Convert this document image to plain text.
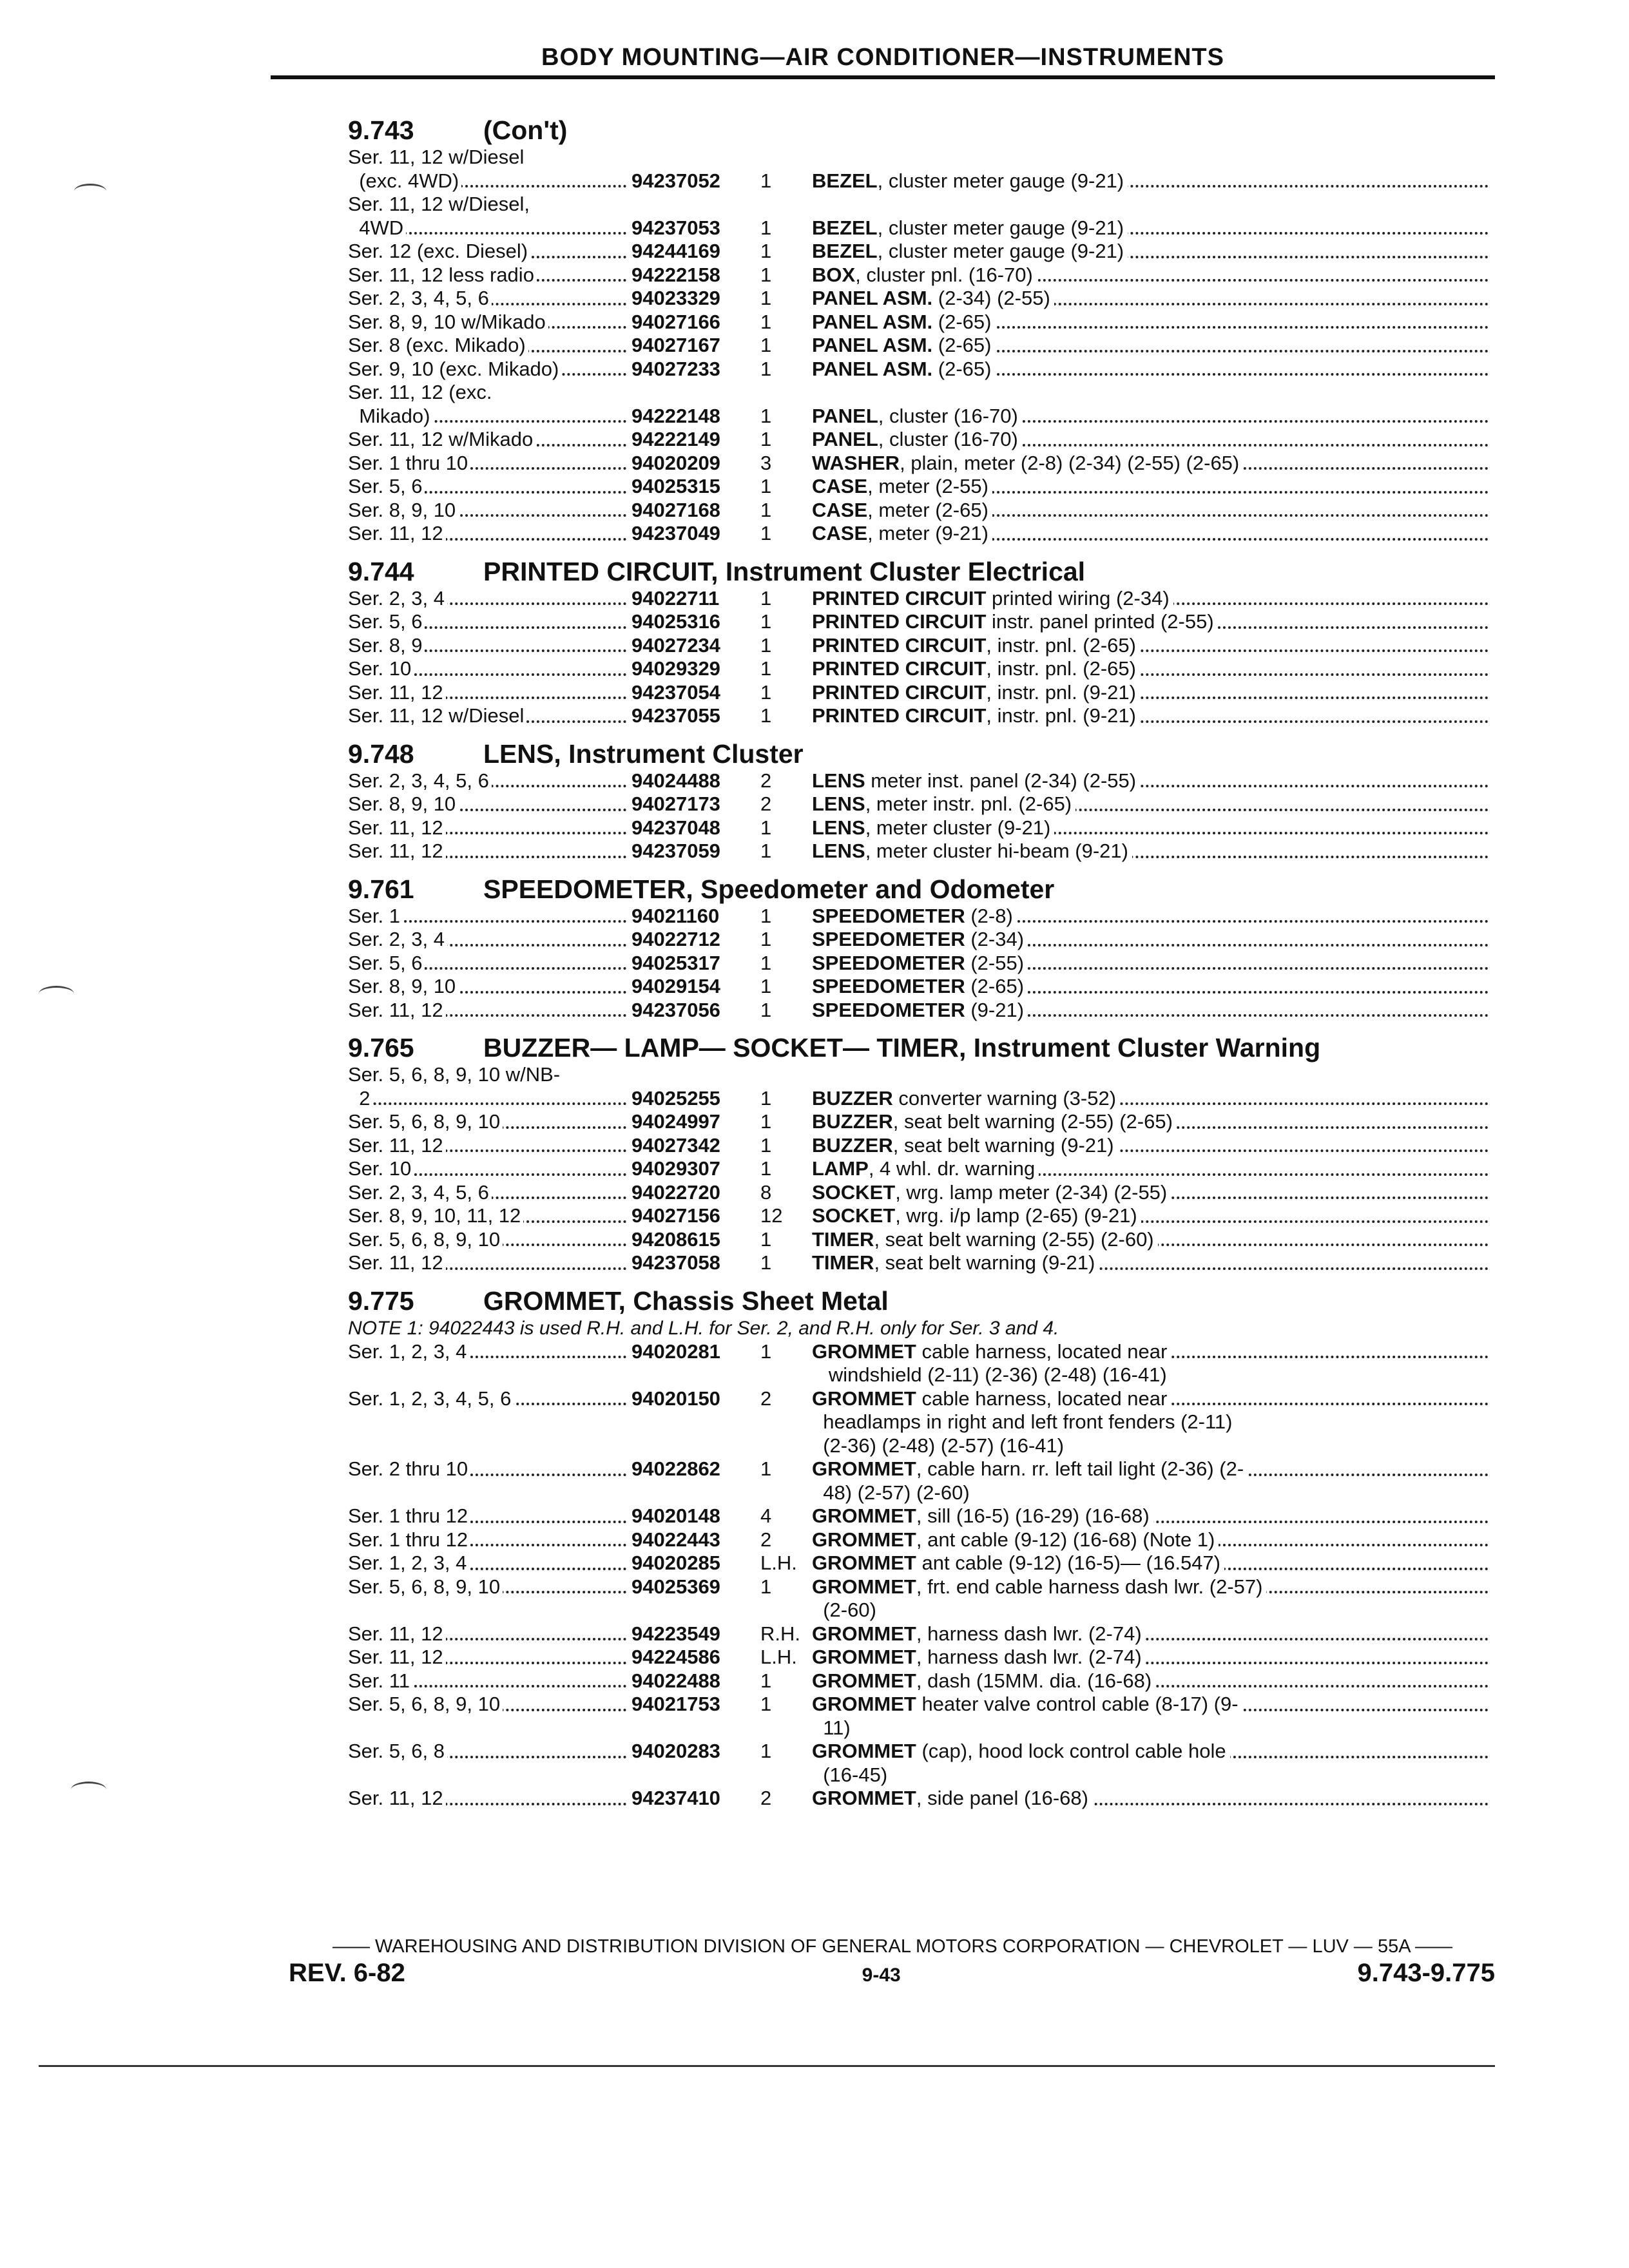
BODY MOUNTING—AIR CONDITIONER—INSTRUMENTS
9.743	(Con't)
Ser. 11, 12 w/Diesel
(exc. 4WD)	94237052	1	BEZEL, cluster meter gauge (9-21)
Ser. 11, 12 w/Diesel,
4WD	94237053	1	BEZEL, cluster meter gauge (9-21)
Ser. 12 (exc. Diesel)	94244169	1	BEZEL, cluster meter gauge (9-21)
Ser. 11, 12 less radio	94222158	1	BOX, cluster pnl. (16-70)
Ser. 2, 3, 4, 5, 6	94023329	1	PANEL ASM. (2-34) (2-55)
Ser. 8, 9, 10 w/Mikado	94027166	1	PANEL ASM. (2-65)
Ser. 8 (exc. Mikado)	94027167	1	PANEL ASM. (2-65)
Ser. 9, 10 (exc. Mikado)	94027233	1	PANEL ASM. (2-65)
Ser. 11, 12 (exc.
Mikado)	94222148	1	PANEL, cluster (16-70)
Ser. 11, 12 w/Mikado	94222149	1	PANEL, cluster (16-70)
Ser. 1 thru 10	94020209	3	WASHER, plain, meter (2-8) (2-34) (2-55) (2-65)
Ser. 5, 6	94025315	1	CASE, meter (2-55)
Ser. 8, 9, 10	94027168	1	CASE, meter (2-65)
Ser. 11, 12	94237049	1	CASE, meter (9-21)
9.744	PRINTED CIRCUIT, Instrument Cluster Electrical
Ser. 2, 3, 4	94022711	1	PRINTED CIRCUIT printed wiring (2-34)
Ser. 5, 6	94025316	1	PRINTED CIRCUIT instr. panel printed (2-55)
Ser. 8, 9	94027234	1	PRINTED CIRCUIT, instr. pnl. (2-65)
Ser. 10	94029329	1	PRINTED CIRCUIT, instr. pnl. (2-65)
Ser. 11, 12	94237054	1	PRINTED CIRCUIT, instr. pnl. (9-21)
Ser. 11, 12 w/Diesel	94237055	1	PRINTED CIRCUIT, instr. pnl. (9-21)
9.748	LENS, Instrument Cluster
Ser. 2, 3, 4, 5, 6	94024488	2	LENS meter inst. panel (2-34) (2-55)
Ser. 8, 9, 10	94027173	2	LENS, meter instr. pnl. (2-65)
Ser. 11, 12	94237048	1	LENS, meter cluster (9-21)
Ser. 11, 12	94237059	1	LENS, meter cluster hi-beam (9-21)
9.761	SPEEDOMETER, Speedometer and Odometer
Ser. 1	94021160	1	SPEEDOMETER (2-8)
Ser. 2, 3, 4	94022712	1	SPEEDOMETER (2-34)
Ser. 5, 6	94025317	1	SPEEDOMETER (2-55)
Ser. 8, 9, 10	94029154	1	SPEEDOMETER (2-65)
Ser. 11, 12	94237056	1	SPEEDOMETER (9-21)
9.765	BUZZER— LAMP— SOCKET— TIMER, Instrument Cluster Warning
Ser. 5, 6, 8, 9, 10 w/NB-
2	94025255	1	BUZZER converter warning (3-52)
Ser. 5, 6, 8, 9, 10	94024997	1	BUZZER, seat belt warning (2-55) (2-65)
Ser. 11, 12	94027342	1	BUZZER, seat belt warning (9-21)
Ser. 10	94029307	1	LAMP, 4 whl. dr. warning
Ser. 2, 3, 4, 5, 6	94022720	8	SOCKET, wrg. lamp meter (2-34) (2-55)
Ser. 8, 9, 10, 11, 12	94027156	12	SOCKET, wrg. i/p lamp (2-65) (9-21)
Ser. 5, 6, 8, 9, 10	94208615	1	TIMER, seat belt warning (2-55) (2-60)
Ser. 11, 12	94237058	1	TIMER, seat belt warning (9-21)
9.775	GROMMET, Chassis Sheet Metal
NOTE 1: 94022443 is used R.H. and L.H. for Ser. 2, and R.H. only for Ser. 3 and 4.
Ser. 1, 2, 3, 4	94020281	1	GROMMET cable harness, located near
windshield (2-11) (2-36) (2-48) (16-41)
Ser. 1, 2, 3, 4, 5, 6	94020150	2	GROMMET cable harness, located near
headlamps in right and left front fenders (2-11)
(2-36) (2-48) (2-57) (16-41)
Ser. 2 thru 10	94022862	1	GROMMET, cable harn. rr. left tail light (2-36) (2-
48) (2-57) (2-60)
Ser. 1 thru 12	94020148	4	GROMMET, sill (16-5) (16-29) (16-68)
Ser. 1 thru 12	94022443	2	GROMMET, ant cable (9-12) (16-68) (Note 1)
Ser. 1, 2, 3, 4	94020285	L.H. GROMMET ant cable (9-12) (16-5)— (16.547)
Ser. 5, 6, 8, 9, 10	94025369	1	GROMMET, frt. end cable harness dash lwr. (2-57)
(2-60)
Ser. 11, 12	94223549	R.H. GROMMET, harness dash lwr. (2-74)
Ser. 11, 12	94224586	L.H. GROMMET, harness dash lwr. (2-74)
Ser. 11	94022488	1	GROMMET, dash (15MM. dia. (16-68)
Ser. 5, 6, 8, 9, 10	94021753	1	GROMMET heater valve control cable (8-17) (9-
11)
Ser. 5, 6, 8	94020283	1	GROMMET (cap), hood lock control cable hole
(16-45)
Ser. 11, 12	94237410	2	GROMMET, side panel (16-68)
—— WAREHOUSING AND DISTRIBUTION DIVISION OF GENERAL MOTORS CORPORATION — CHEVROLET — LUV — 55A ——
REV. 6-82	9-43	9.743-9.775
